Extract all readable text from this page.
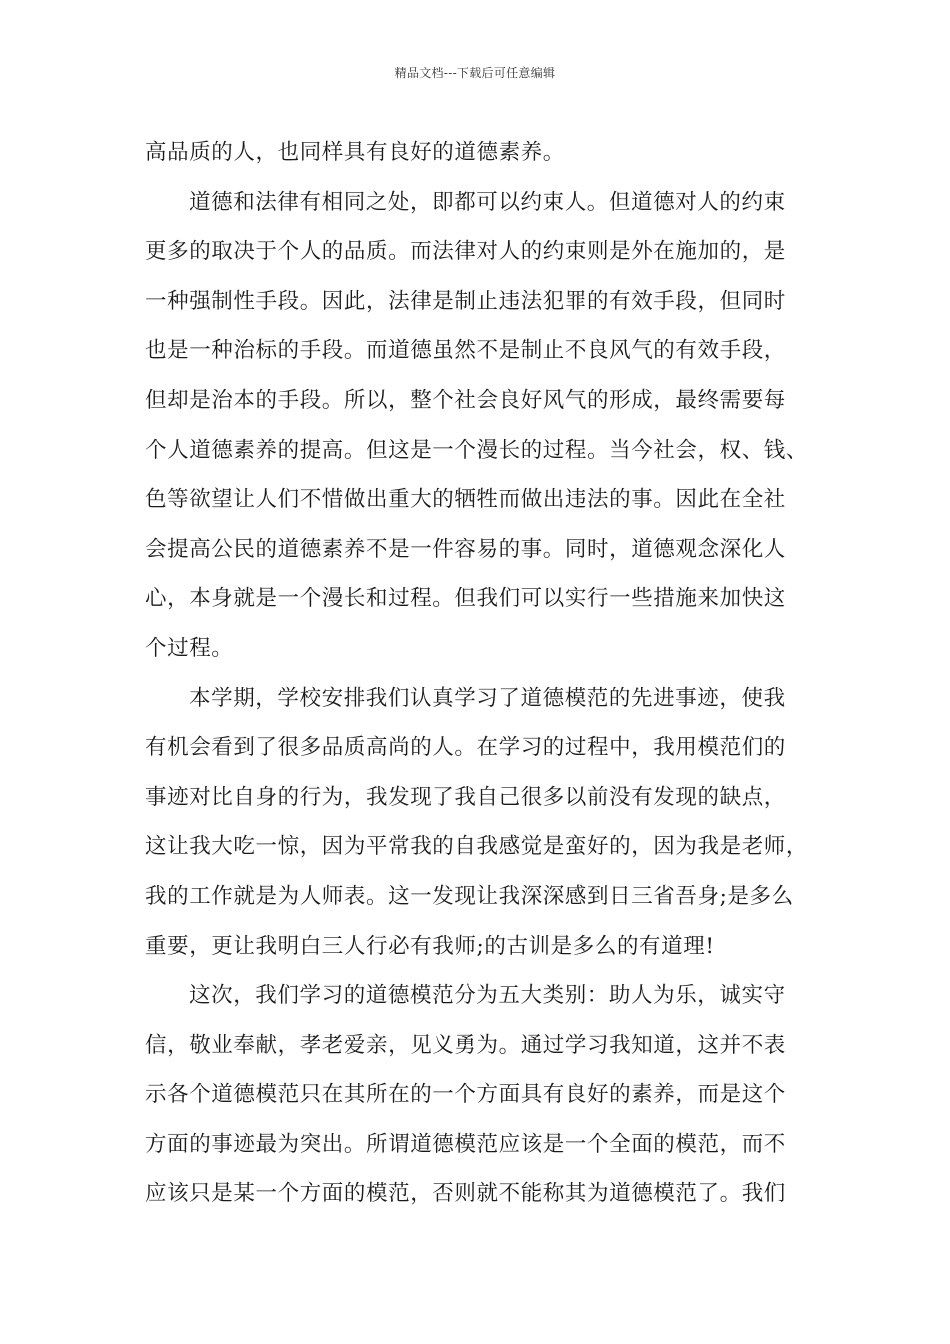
精品文档---下载后可任意编辑
高品质的人，也同样具有良好的道德素养。
道德和法律有相同之处，即都可以约束人。但道德对人的约束
更多的取决于个人的品质。而法律对人的约束则是外在施加的，是
一种强制性手段。因此，法律是制止违法犯罪的有效手段，但同时
也是一种治标的手段。而道德虽然不是制止不良风气的有效手段，
但却是治本的手段。所以，整个社会良好风气的形成，最终需要每
个人道德素养的提高。但这是一个漫长的过程。当今社会，权、钱、
色等欲望让人们不惜做出重大的牺牲而做出违法的事。因此在全社
会提高公民的道德素养不是一件容易的事。同时，道德观念深化人
心，本身就是一个漫长和过程。但我们可以实行一些措施来加快这
个过程。
本学期，学校安排我们认真学习了道德模范的先进事迹，使我
有机会看到了很多品质高尚的人。在学习的过程中，我用模范们的
事迹对比自身的行为，我发现了我自己很多以前没有发现的缺点，
这让我大吃一惊，因为平常我的自我感觉是蛮好的，因为我是老师，
我的工作就是为人师表。这一发现让我深深感到日三省吾身;是多么
重要，更让我明白三人行必有我师;的古训是多么的有道理!
这次，我们学习的道德模范分为五大类别：助人为乐，诚实守
信，敬业奉献，孝老爱亲，见义勇为。通过学习我知道，这并不表
示各个道德模范只在其所在的一个方面具有良好的素养，而是这个
方面的事迹最为突出。所谓道德模范应该是一个全面的模范，而不
应该只是某一个方面的模范，否则就不能称其为道德模范了。我们
